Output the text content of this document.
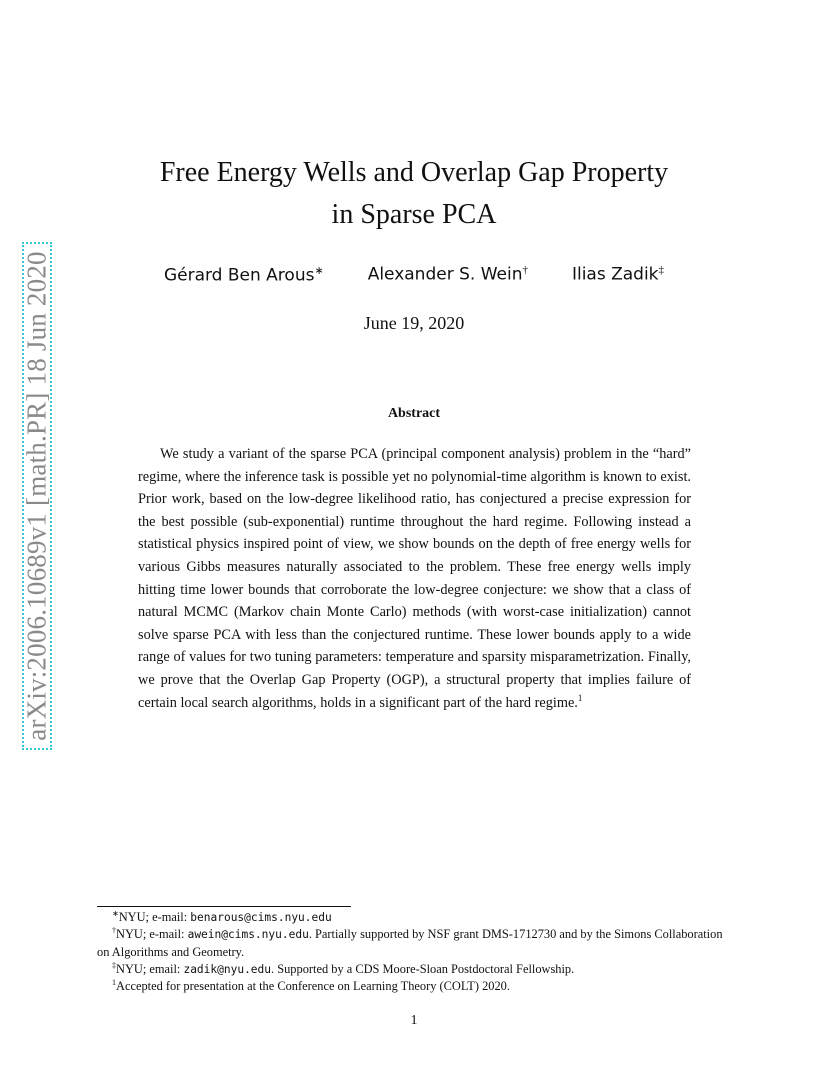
arXiv:2006.10689v1 [math.PR] 18 Jun 2020
Free Energy Wells and Overlap Gap Property
in Sparse PCA
Gérard Ben Arous∗	Alexander S. Wein†	Ilias Zadik‡
June 19, 2020
Abstract
We study a variant of the sparse PCA (principal component analysis) problem in the “hard” regime, where the inference task is possible yet no polynomial-time algorithm is known to exist. Prior work, based on the low-degree likelihood ratio, has conjectured a precise expression for the best possible (sub-exponential) runtime throughout the hard regime. Following instead a statistical physics inspired point of view, we show bounds on the depth of free energy wells for various Gibbs measures naturally associated to the problem. These free energy wells imply hitting time lower bounds that corroborate the low-degree conjecture: we show that a class of natural MCMC (Markov chain Monte Carlo) methods (with worst-case initialization) cannot solve sparse PCA with less than the conjectured runtime. These lower bounds apply to a wide range of values for two tuning parameters: temperature and sparsity misparametrization. Finally, we prove that the Overlap Gap Property (OGP), a structural property that implies failure of certain local search algorithms, holds in a significant part of the hard regime.$^1$

∗NYU; e-mail: benarous@cims.nyu.edu

†NYU; e-mail: awein@cims.nyu.edu. Partially supported by NSF grant DMS-1712730 and by the Simons Collaboration on Algorithms and Geometry.

‡NYU; email: zadik@nyu.edu. Supported by a CDS Moore-Sloan Postdoctoral Fellowship.

$^1$Accepted for presentation at the Conference on Learning Theory (COLT) 2020.

1
